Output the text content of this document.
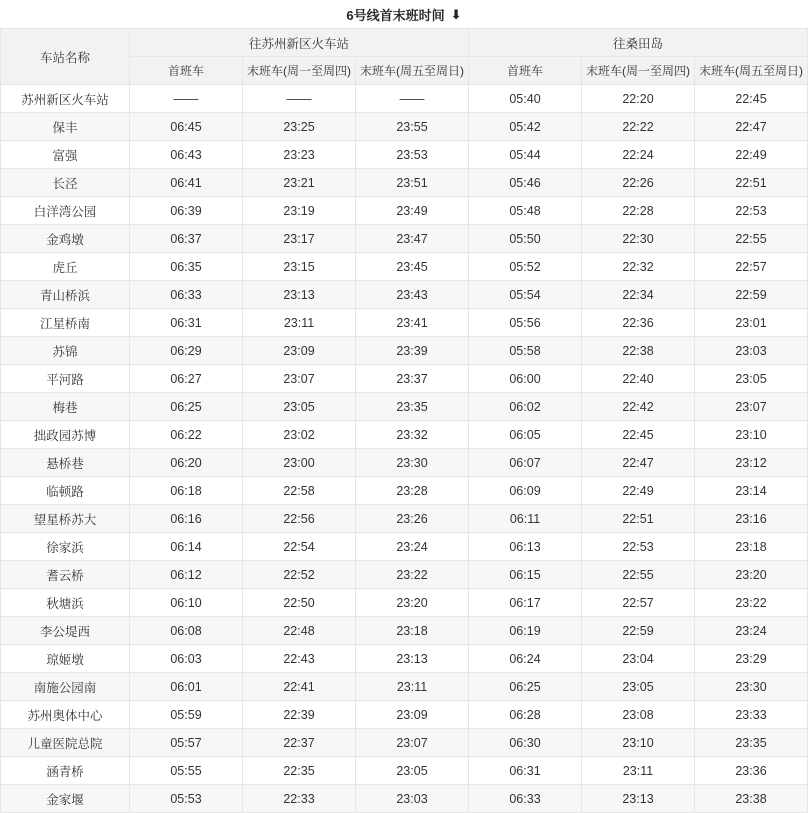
6号线首末班时间 ⬇
车站名称	往苏州新区火车站			往桑田岛		
	首班车	末班车(周一至周四)	末班车(周五至周日)	首班车	末班车(周一至周四)	末班车(周五至周日)
苏州新区火车站	——	——	——	05:40	22:20	22:45
保丰	06:45	23:25	23:55	05:42	22:22	22:47
富强	06:43	23:23	23:53	05:44	22:24	22:49
长泾	06:41	23:21	23:51	05:46	22:26	22:51
白洋湾公园	06:39	23:19	23:49	05:48	22:28	22:53
金鸡墩	06:37	23:17	23:47	05:50	22:30	22:55
虎丘	06:35	23:15	23:45	05:52	22:32	22:57
青山桥浜	06:33	23:13	23:43	05:54	22:34	22:59
江星桥南	06:31	23:11	23:41	05:56	22:36	23:01
苏锦	06:29	23:09	23:39	05:58	22:38	23:03
平河路	06:27	23:07	23:37	06:00	22:40	23:05
梅巷	06:25	23:05	23:35	06:02	22:42	23:07
拙政园苏博	06:22	23:02	23:32	06:05	22:45	23:10
悬桥巷	06:20	23:00	23:30	06:07	22:47	23:12
临顿路	06:18	22:58	23:28	06:09	22:49	23:14
望星桥苏大	06:16	22:56	23:26	06:11	22:51	23:16
徐家浜	06:14	22:54	23:24	06:13	22:53	23:18
耆云桥	06:12	22:52	23:22	06:15	22:55	23:20
秋塘浜	06:10	22:50	23:20	06:17	22:57	23:22
李公堤西	06:08	22:48	23:18	06:19	22:59	23:24
琼姬墩	06:03	22:43	23:13	06:24	23:04	23:29
南施公园南	06:01	22:41	23:11	06:25	23:05	23:30
苏州奥体中心	05:59	22:39	23:09	06:28	23:08	23:33
儿童医院总院	05:57	22:37	23:07	06:30	23:10	23:35
涵青桥	05:55	22:35	23:05	06:31	23:11	23:36
金家堰	05:53	22:33	23:03	06:33	23:13	23:38
